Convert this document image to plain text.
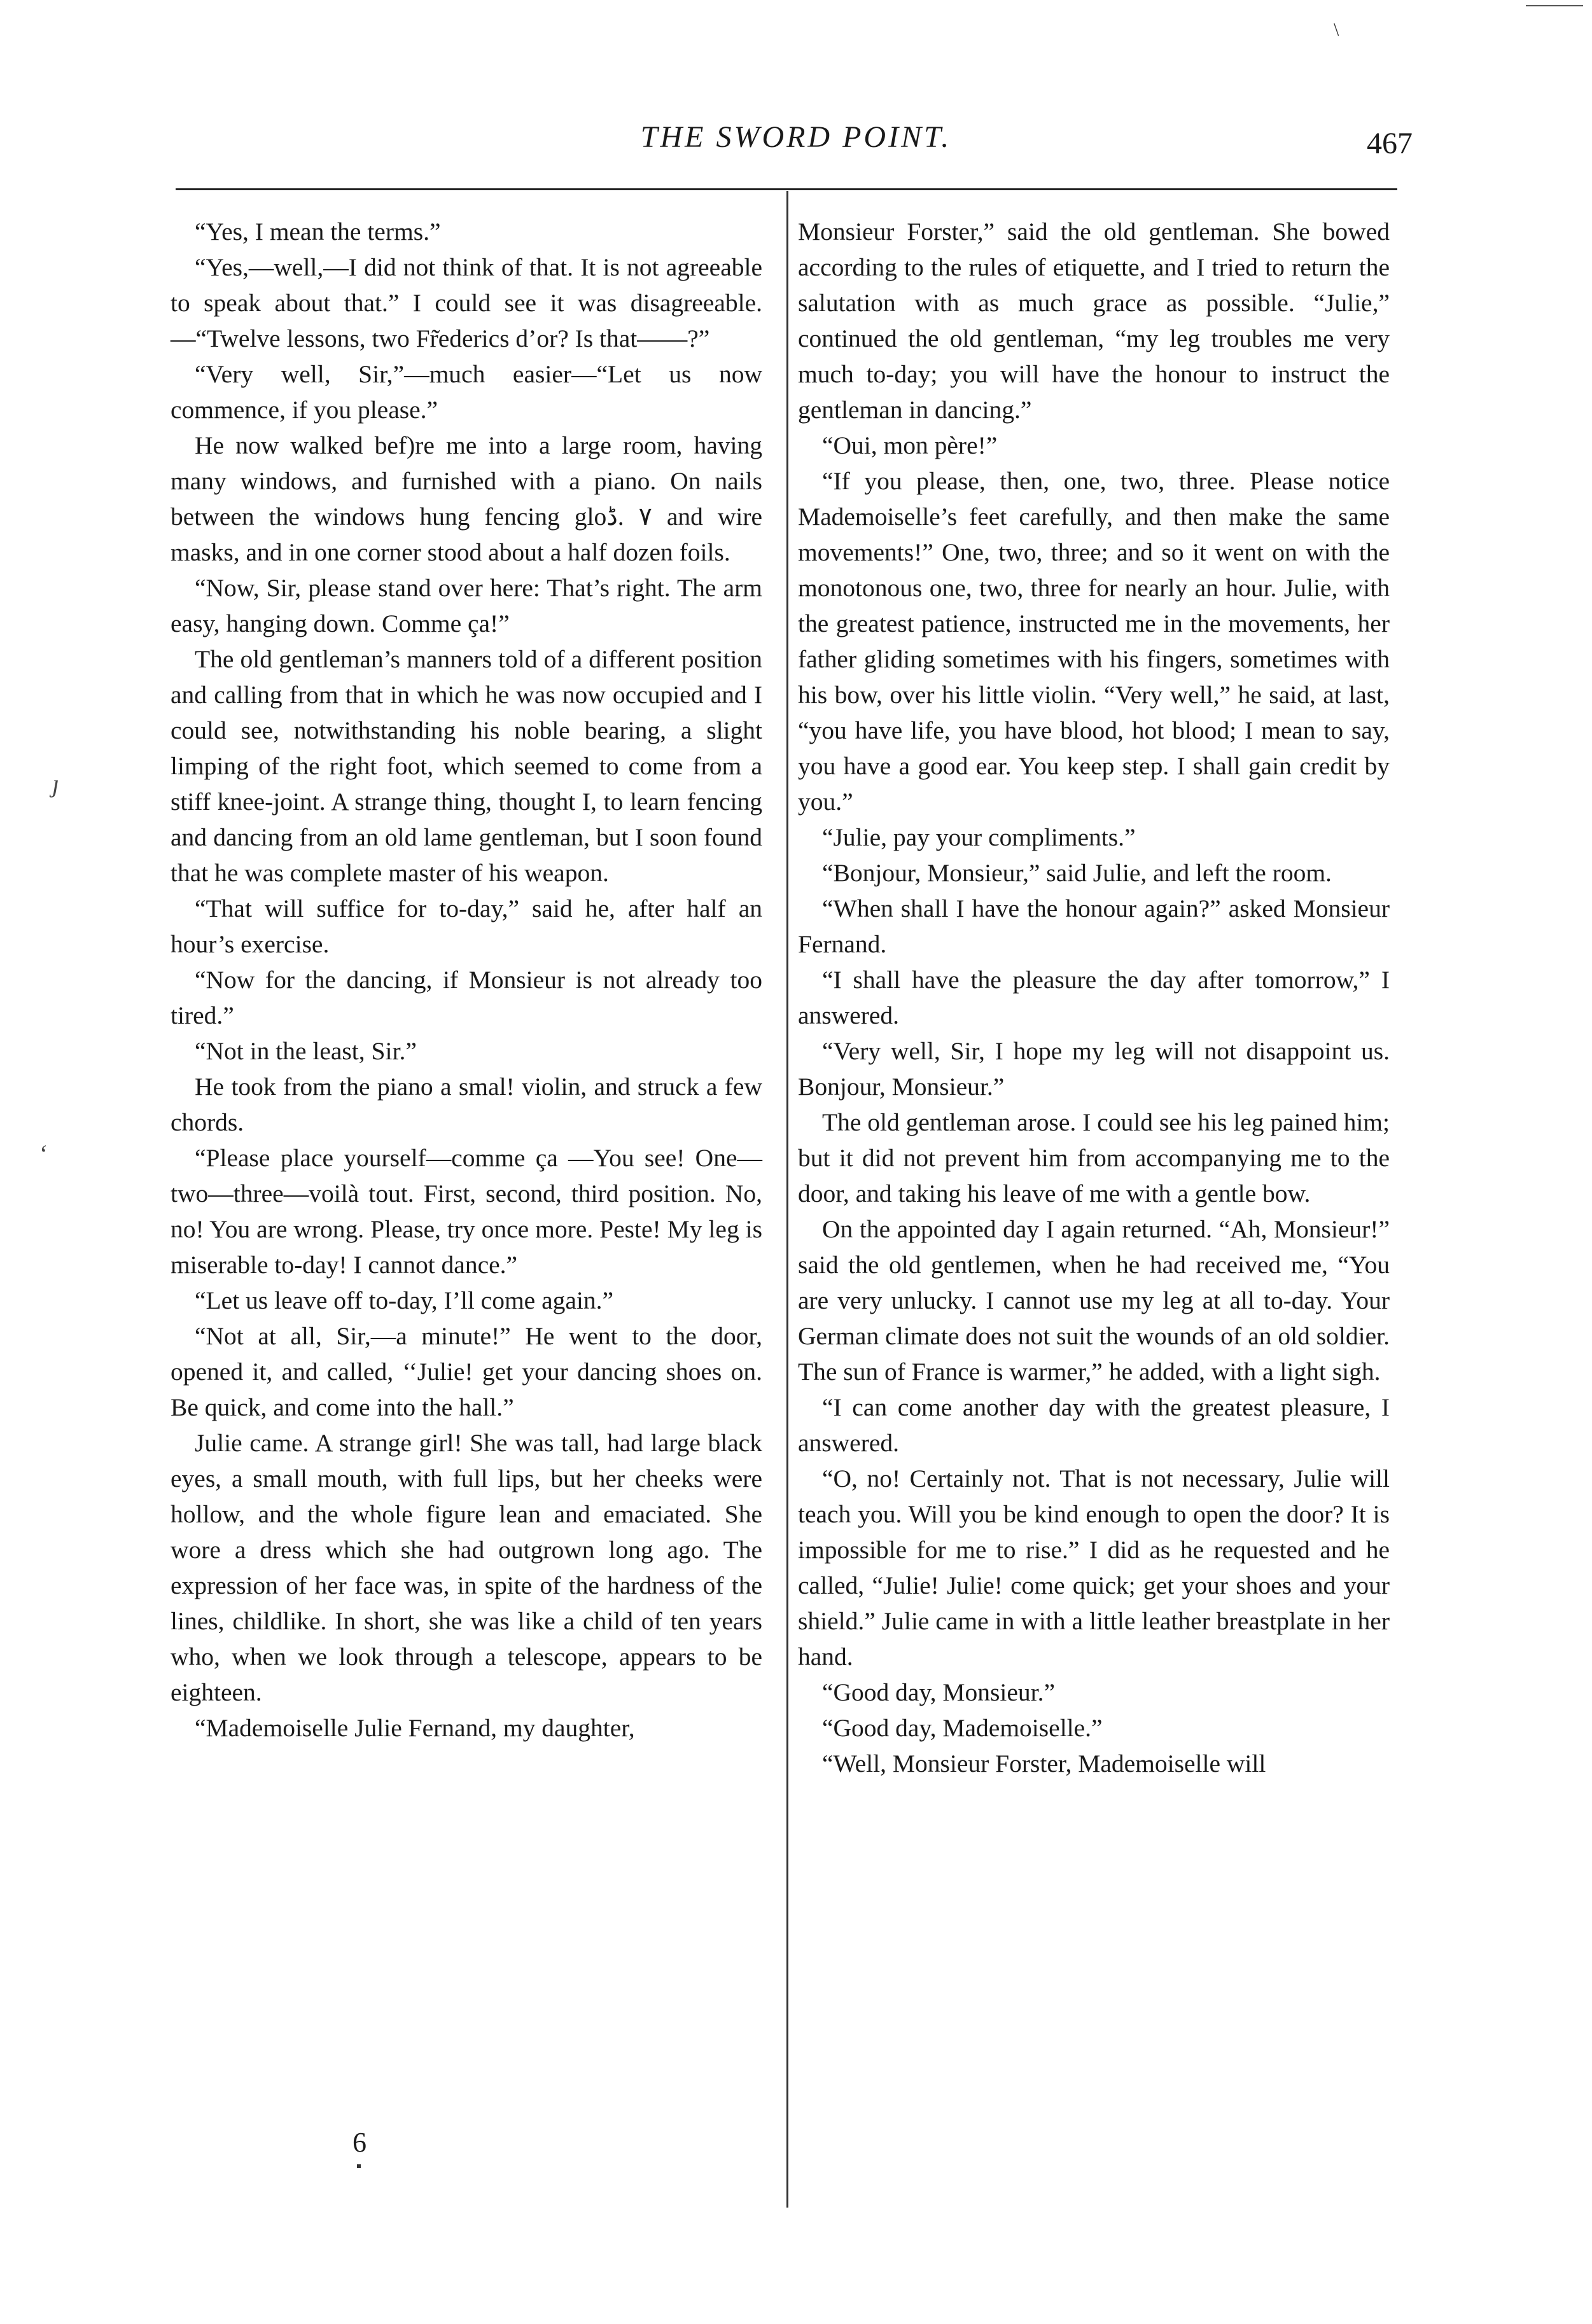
\
THE SWORD POINT.	467
ȷ
ʻ

“Yes, I mean the terms.”

“Yes,—well,—I did not think of that. It is not agreeable to speak about that.” I could see it was disagreeable.—“Twelve lessons, two Fr̃ederics d’or? Is that——?”

“Very well, Sir,”—much easier—“Let us now commence, if you please.”

He now walked bef)re me into a large room, having many windows, and furnished with a piano. On nails between the windows hung fencing glo٧ .ڈ and wire masks, and in one corner stood about a half dozen foils.

“Now, Sir, please stand over here: That’s right. The arm easy, hanging down. Comme ça!”

The old gentleman’s manners told of a different position and calling from that in which he was now occupied and I could see, notwithstanding his noble bearing, a slight limping of the right foot, which seemed to come from a stiff knee-joint. A strange thing, thought I, to learn fencing and dancing from an old lame gentleman, but I soon found that he was complete master of his weapon.

“That will suffice for to-day,” said he, after half an hour’s exercise.

“Now for the dancing, if Monsieur is not already too tired.”

“Not in the least, Sir.”

He took from the piano a smal! violin, and struck a few chords.

“Please place yourself—comme ça —You see! One—two—three—voilà tout. First, second, third position. No, no! You are wrong. Please, try once more. Peste! My leg is miserable to-day! I cannot dance.”

“Let us leave off to-day, I’ll come again.”

“Not at all, Sir,—a minute!” He went to the door, opened it, and called, ‘‘Julie! get your dancing shoes on. Be quick, and come into the hall.”

Julie came. A strange girl! She was tall, had large black eyes, a small mouth, with full lips, but her cheeks were hollow, and the whole figure lean and emaciated. She wore a dress which she had outgrown long ago. The expression of her face was, in spite of the hardness of the lines, childlike. In short, she was like a child of ten years who, when we look through a telescope, appears to be eighteen.

“Mademoiselle Julie Fernand, my daughter,

Monsieur Forster,” said the old gentleman. She bowed according to the rules of etiquette, and I tried to return the salutation with as much grace as possible. “Julie,” continued the old gentleman, “my leg troubles me very much to-day; you will have the honour to instruct the gentleman in dancing.”

“Oui, mon père!”

“If you please, then, one, two, three. Please notice Mademoiselle’s feet carefully, and then make the same movements!” One, two, three; and so it went on with the monotonous one, two, three for nearly an hour. Julie, with the greatest patience, instructed me in the movements, her father gliding sometimes with his fingers, sometimes with his bow, over his little violin. “Very well,” he said, at last, “you have life, you have blood, hot blood; I mean to say, you have a good ear. You keep step. I shall gain credit by you.”

“Julie, pay your compliments.”

“Bonjour, Monsieur,” said Julie, and left the room.

“When shall I have the honour again?” asked Monsieur Fernand.

“I shall have the pleasure the day after tomorrow,” I answered.

“Very well, Sir, I hope my leg will not disappoint us. Bonjour, Monsieur.”

The old gentleman arose. I could see his leg pained him; but it did not prevent him from accompanying me to the door, and taking his leave of me with a gentle bow.

On the appointed day I again returned. “Ah, Monsieur!” said the old gentlemen, when he had received me, “You are very unlucky. I cannot use my leg at all to-day. Your German climate does not suit the wounds of an old soldier. The sun of France is warmer,” he added, with a light sigh.

“I can come another day with the greatest pleasure, I answered.

“O, no! Certainly not. That is not necessary, Julie will teach you. Will you be kind enough to open the door? It is impossible for me to rise.” I did as he requested and he called, “Julie! Julie! come quick; get your shoes and your shield.” Julie came in with a little leather breastplate in her hand.

“Good day, Monsieur.”

“Good day, Mademoiselle.”

“Well, Monsieur Forster, Mademoiselle will

6
